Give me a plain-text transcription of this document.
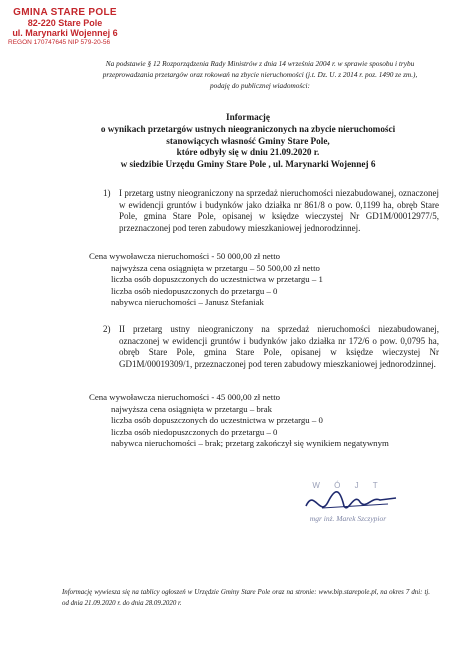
GMINA STARE POLE
82-220 Stare Pole
ul. Marynarki Wojennej 6
REGON 170747645 NIP 579-20-56
Na podstawie § 12 Rozporządzenia Rady Ministrów z dnia 14 września 2004 r. w sprawie sposobu i trybu
przeprowadzania przetargów oraz rokowań na zbycie nieruchomości (j.t. Dz. U. z 2014 r. poz. 1490 ze zm.),
podaję do publicznej wiadomości:
Informację
o wynikach przetargów ustnych nieograniczonych na zbycie nieruchomości
stanowiących własność Gminy Stare Pole,
które odbyły się w dniu 21.09.2020 r.
w siedzibie Urzędu Gminy Stare Pole , ul. Marynarki Wojennej 6
1) I przetarg ustny nieograniczony na sprzedaż nieruchomości niezabudowanej, oznaczonej w ewidencji gruntów i budynków jako działka nr 861/8 o pow. 0,1199 ha, obręb Stare Pole, gmina Stare Pole, opisanej w księdze wieczystej Nr GD1M/00012977/5, przeznaczonej pod teren zabudowy mieszkaniowej jednorodzinnej.
Cena wywoławcza nieruchomości - 50 000,00 zł netto
najwyższa cena osiągnięta w przetargu – 50 500,00 zł netto
liczba osób dopuszczonych do uczestnictwa w przetargu – 1
liczba osób niedopuszczonych do przetargu – 0
nabywca nieruchomości – Janusz Stefaniak
2) II przetarg ustny nieograniczony na sprzedaż nieruchomości niezabudowanej, oznaczonej w ewidencji gruntów i budynków jako działka nr 172/6 o pow. 0,0795 ha, obręb Stare Pole, gmina Stare Pole, opisanej w księdze wieczystej Nr GD1M/00019309/1, przeznaczonej pod teren zabudowy mieszkaniowej jednorodzinnej.
Cena wywoławcza nieruchomości - 45 000,00 zł netto
najwyższa cena osiągnięta w przetargu – brak
liczba osób dopuszczonych do uczestnictwa w przetargu – 0
liczba osób niedopuszczonych do przetargu – 0
nabywca nieruchomości – brak; przetarg zakończył się wynikiem negatywnym
W Ó J T
mgr inż. Marek Szczypior
Informację wywiesza się na tablicy ogłoszeń w Urzędzie Gminy Stare Pole oraz na stronie: www.bip.starepole.pl, na okres 7 dni: tj. od dnia 21.09.2020 r. do dnia 28.09.2020 r.
